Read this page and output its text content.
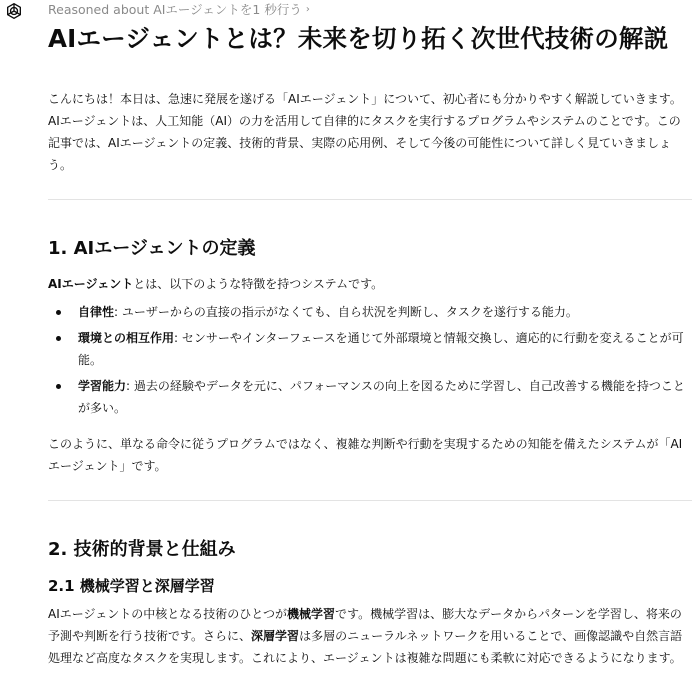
Reasoned about AIエージェントを1 秒行う ›
AIエージェントとは？未来を切り拓く次世代技術の解説

こんにちは！本日は、急速に発展を遂げる「AIエージェント」について、初心者にも分かりやすく解説していきます。AIエージェントは、人工知能（AI）の力を活用して自律的にタスクを実行するプログラムやシステムのことです。この記事では、AIエージェントの定義、技術的背景、実際の応用例、そして今後の可能性について詳しく見ていきましょう。

1. AIエージェントの定義

AIエージェントとは、以下のような特徴を持つシステムです。

自律性: ユーザーからの直接の指示がなくても、自ら状況を判断し、タスクを遂行する能力。
環境との相互作用: センサーやインターフェースを通じて外部環境と情報交換し、適応的に行動を変えることが可能。
学習能力: 過去の経験やデータを元に、パフォーマンスの向上を図るために学習し、自己改善する機能を持つことが多い。

このように、単なる命令に従うプログラムではなく、複雑な判断や行動を実現するための知能を備えたシステムが「AIエージェント」です。

2. 技術的背景と仕組み
2.1 機械学習と深層学習

AIエージェントの中核となる技術のひとつが機械学習です。機械学習は、膨大なデータからパターンを学習し、将来の予測や判断を行う技術です。さらに、深層学習は多層のニューラルネットワークを用いることで、画像認識や自然言語処理など高度なタスクを実現します。これにより、エージェントは複雑な問題にも柔軟に対応できるようになります。
